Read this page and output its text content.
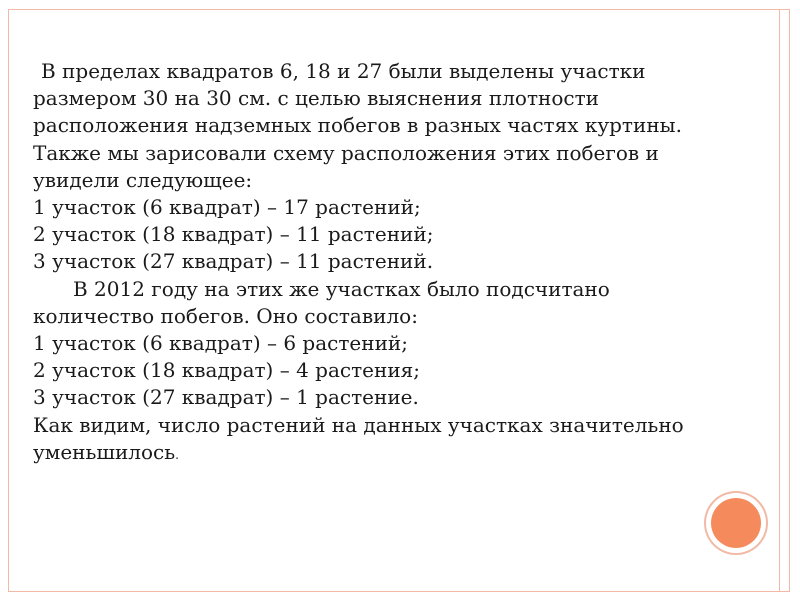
В пределах квадратов 6, 18 и 27 были выделены участки
размером 30 на 30 см. с целью выяснения плотности
расположения надземных побегов в разных частях куртины.
Также мы зарисовали схему расположения этих побегов и
увидели следующее:
1 участок (6 квадрат) – 17 растений;
2 участок (18 квадрат) – 11 растений;
3 участок (27 квадрат) – 11 растений.
В 2012 году на этих же участках было подсчитано
количество побегов. Оно составило:
1 участок (6 квадрат) – 6 растений;
2 участок (18 квадрат) – 4 растения;
3 участок (27 квадрат) – 1 растение.
Как видим, число растений на данных участках значительно
уменьшилось.
